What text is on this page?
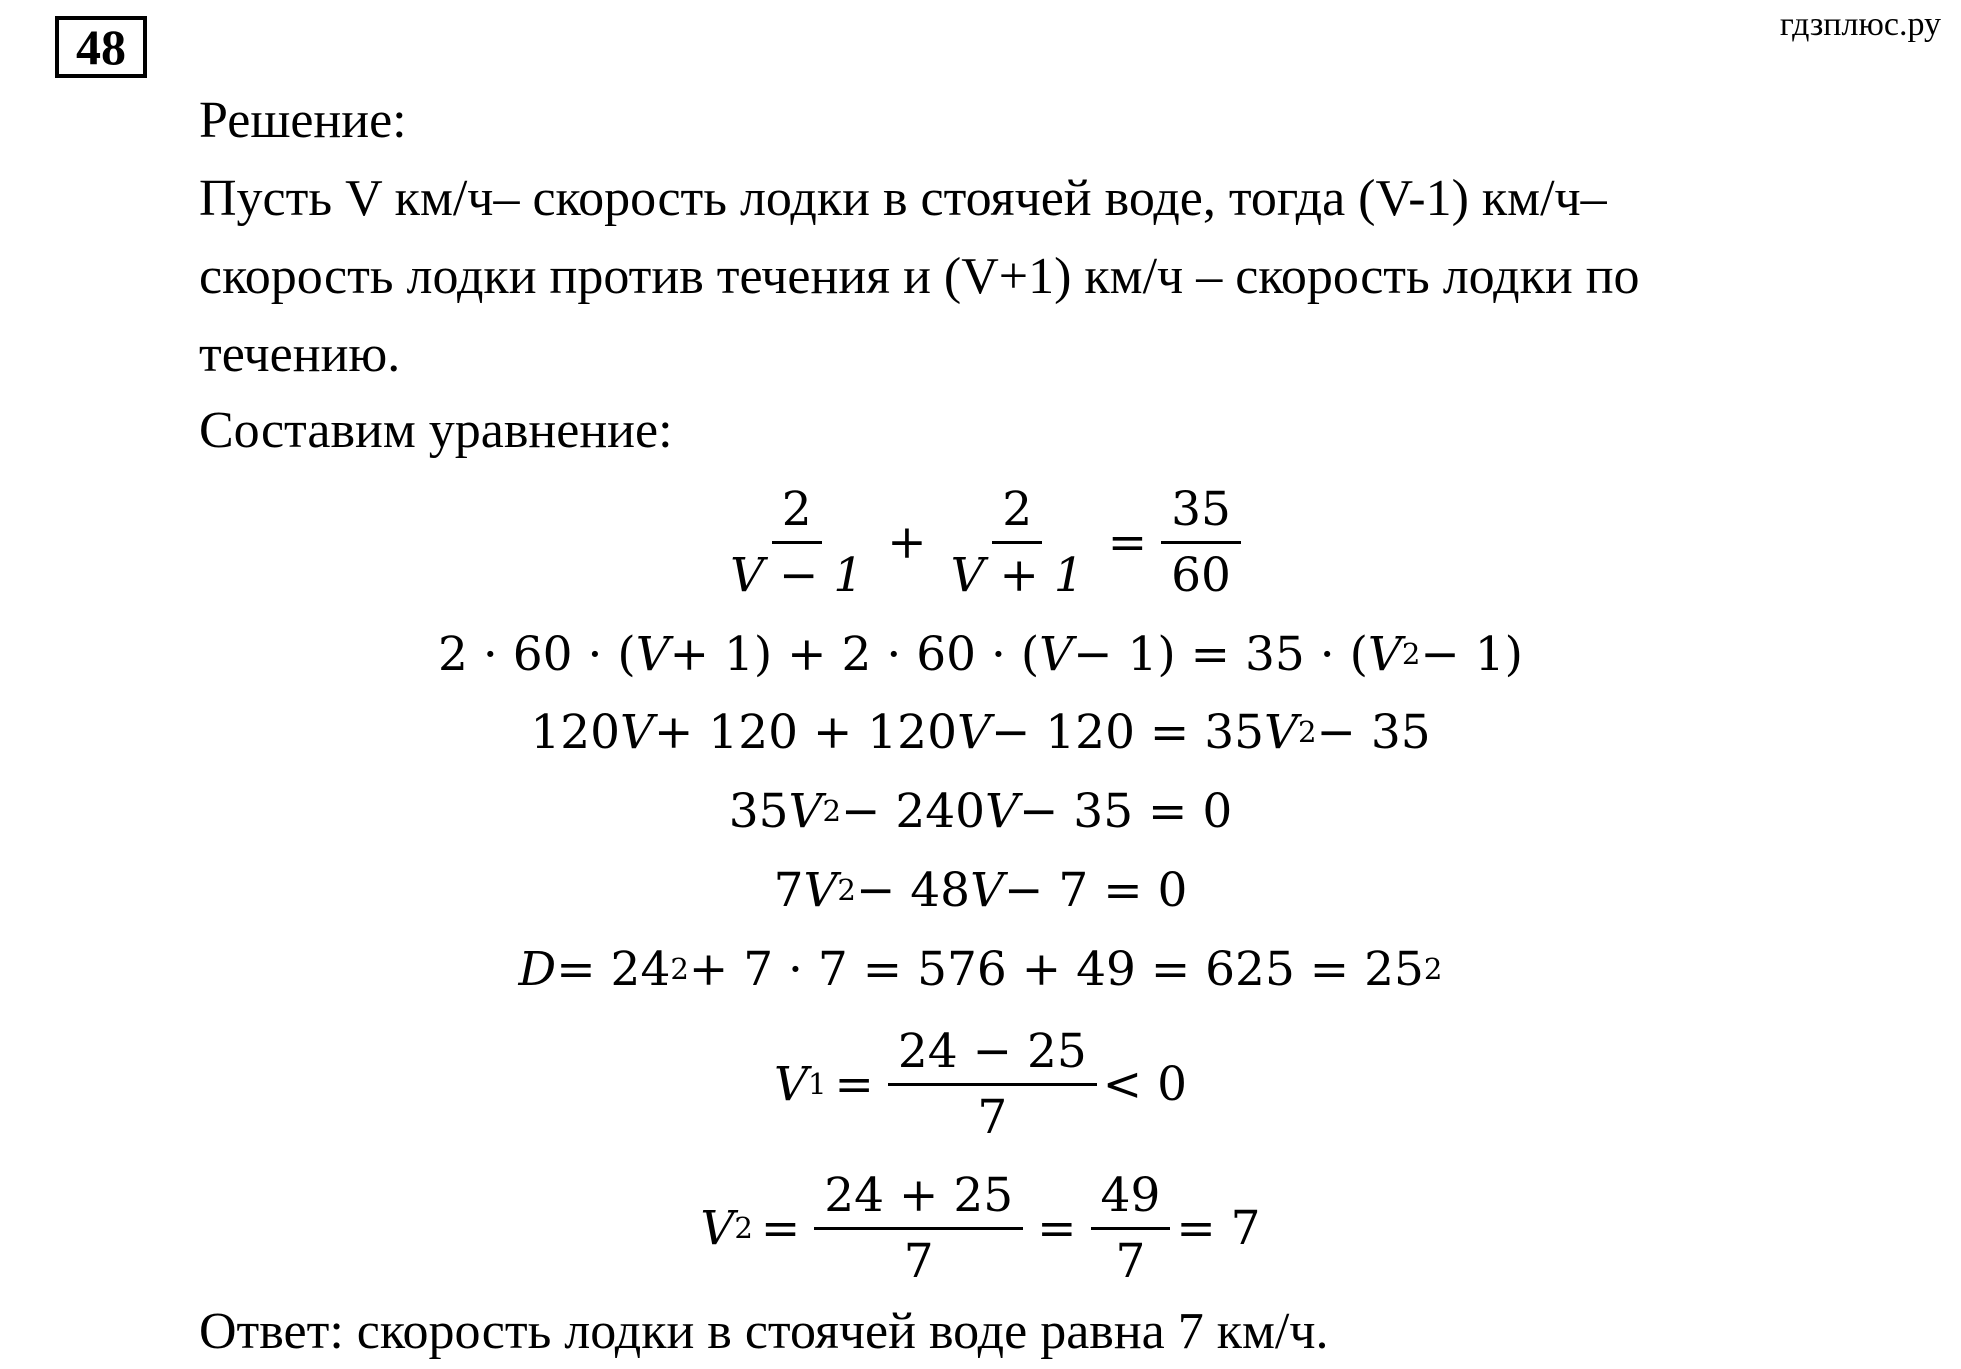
48	гдзплюс.ру
Решение:
Пусть V км/ч– скорость лодки в стоячей воде, тогда (V-1) км/ч–
скорость лодки против течения и (V+1) км/ч – скорость лодки по
течению.
Составим уравнение:
$\frac{2}{V - 1} + \frac{2}{V + 1} = \frac{35}{60}$
2 · 60 · ( V + 1) + 2 · 60 · ( V − 1) = 35 · ( V 2 − 1)
120 V + 120 + 120 V − 120 = 35 V 2 − 35
35 V 2 − 240 V − 35 = 0
7 V 2 − 48 V − 7 = 0
D = 24 2 + 7 · 7 = 576 + 49 = 625 = 25 2
V $1 = \frac{24 - 25}{7} < 0$
V $2 = \frac{24 + 25}{7} = \frac{49}{7} = 7$
Ответ: скорость лодки в стоячей воде равна 7 км/ч.
